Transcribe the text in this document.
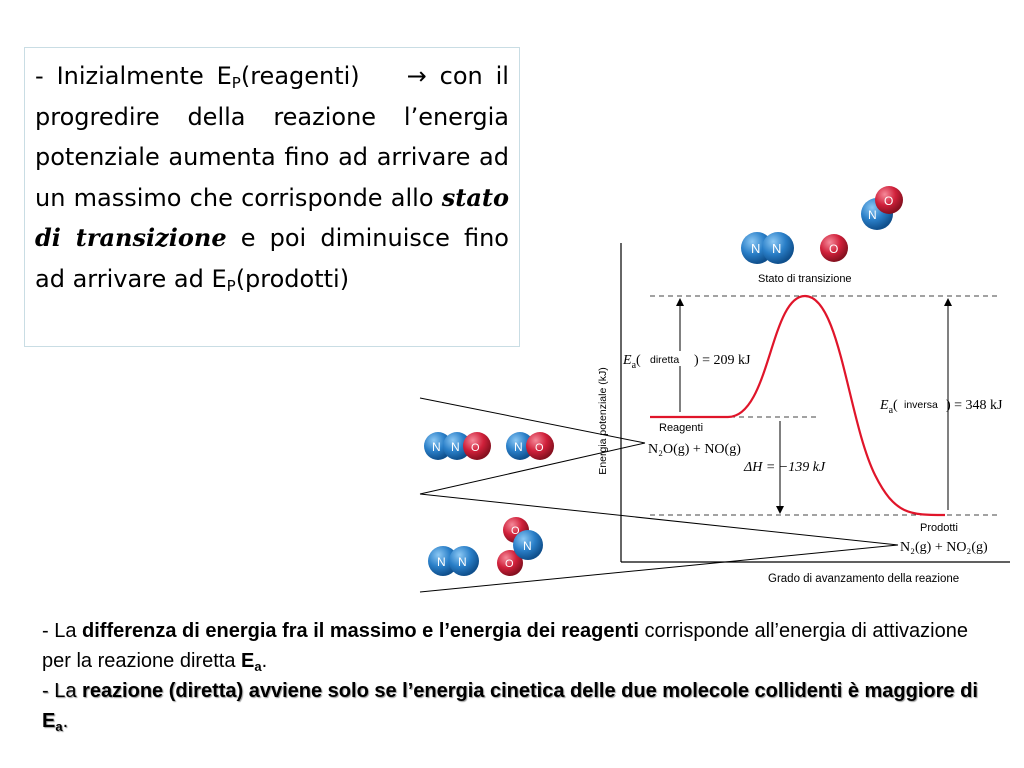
- Inizialmente $E_P(reagenti)$ → con il progredire della reazione l’energia potenziale aumenta fino ad arrivare ad un massimo che corrisponde allo stato di transizione e poi diminuisce fino ad arrivare ad $E_P(prodotti)$
Energia potenziale (kJ)
Grado di avanzamento della reazione
Stato di transizione
Reagenti
N₂O(g) + NO(g)
Prodotti
N₂(g) + NO₂(g)
$E_a$( diretta ) = 209 kJ
$E_a$( inversa ) = 348 kJ
ΔH = −139 kJ
N N	O
N
O
N N O	N O
N N
O
N
O
- La differenza di energia fra il massimo e l’energia dei reagenti corrisponde all’energia di attivazione per la reazione diretta $E_a$.
- La reazione (diretta) avviene solo se l’energia cinetica delle due molecole collidenti è maggiore di $E_a$.
